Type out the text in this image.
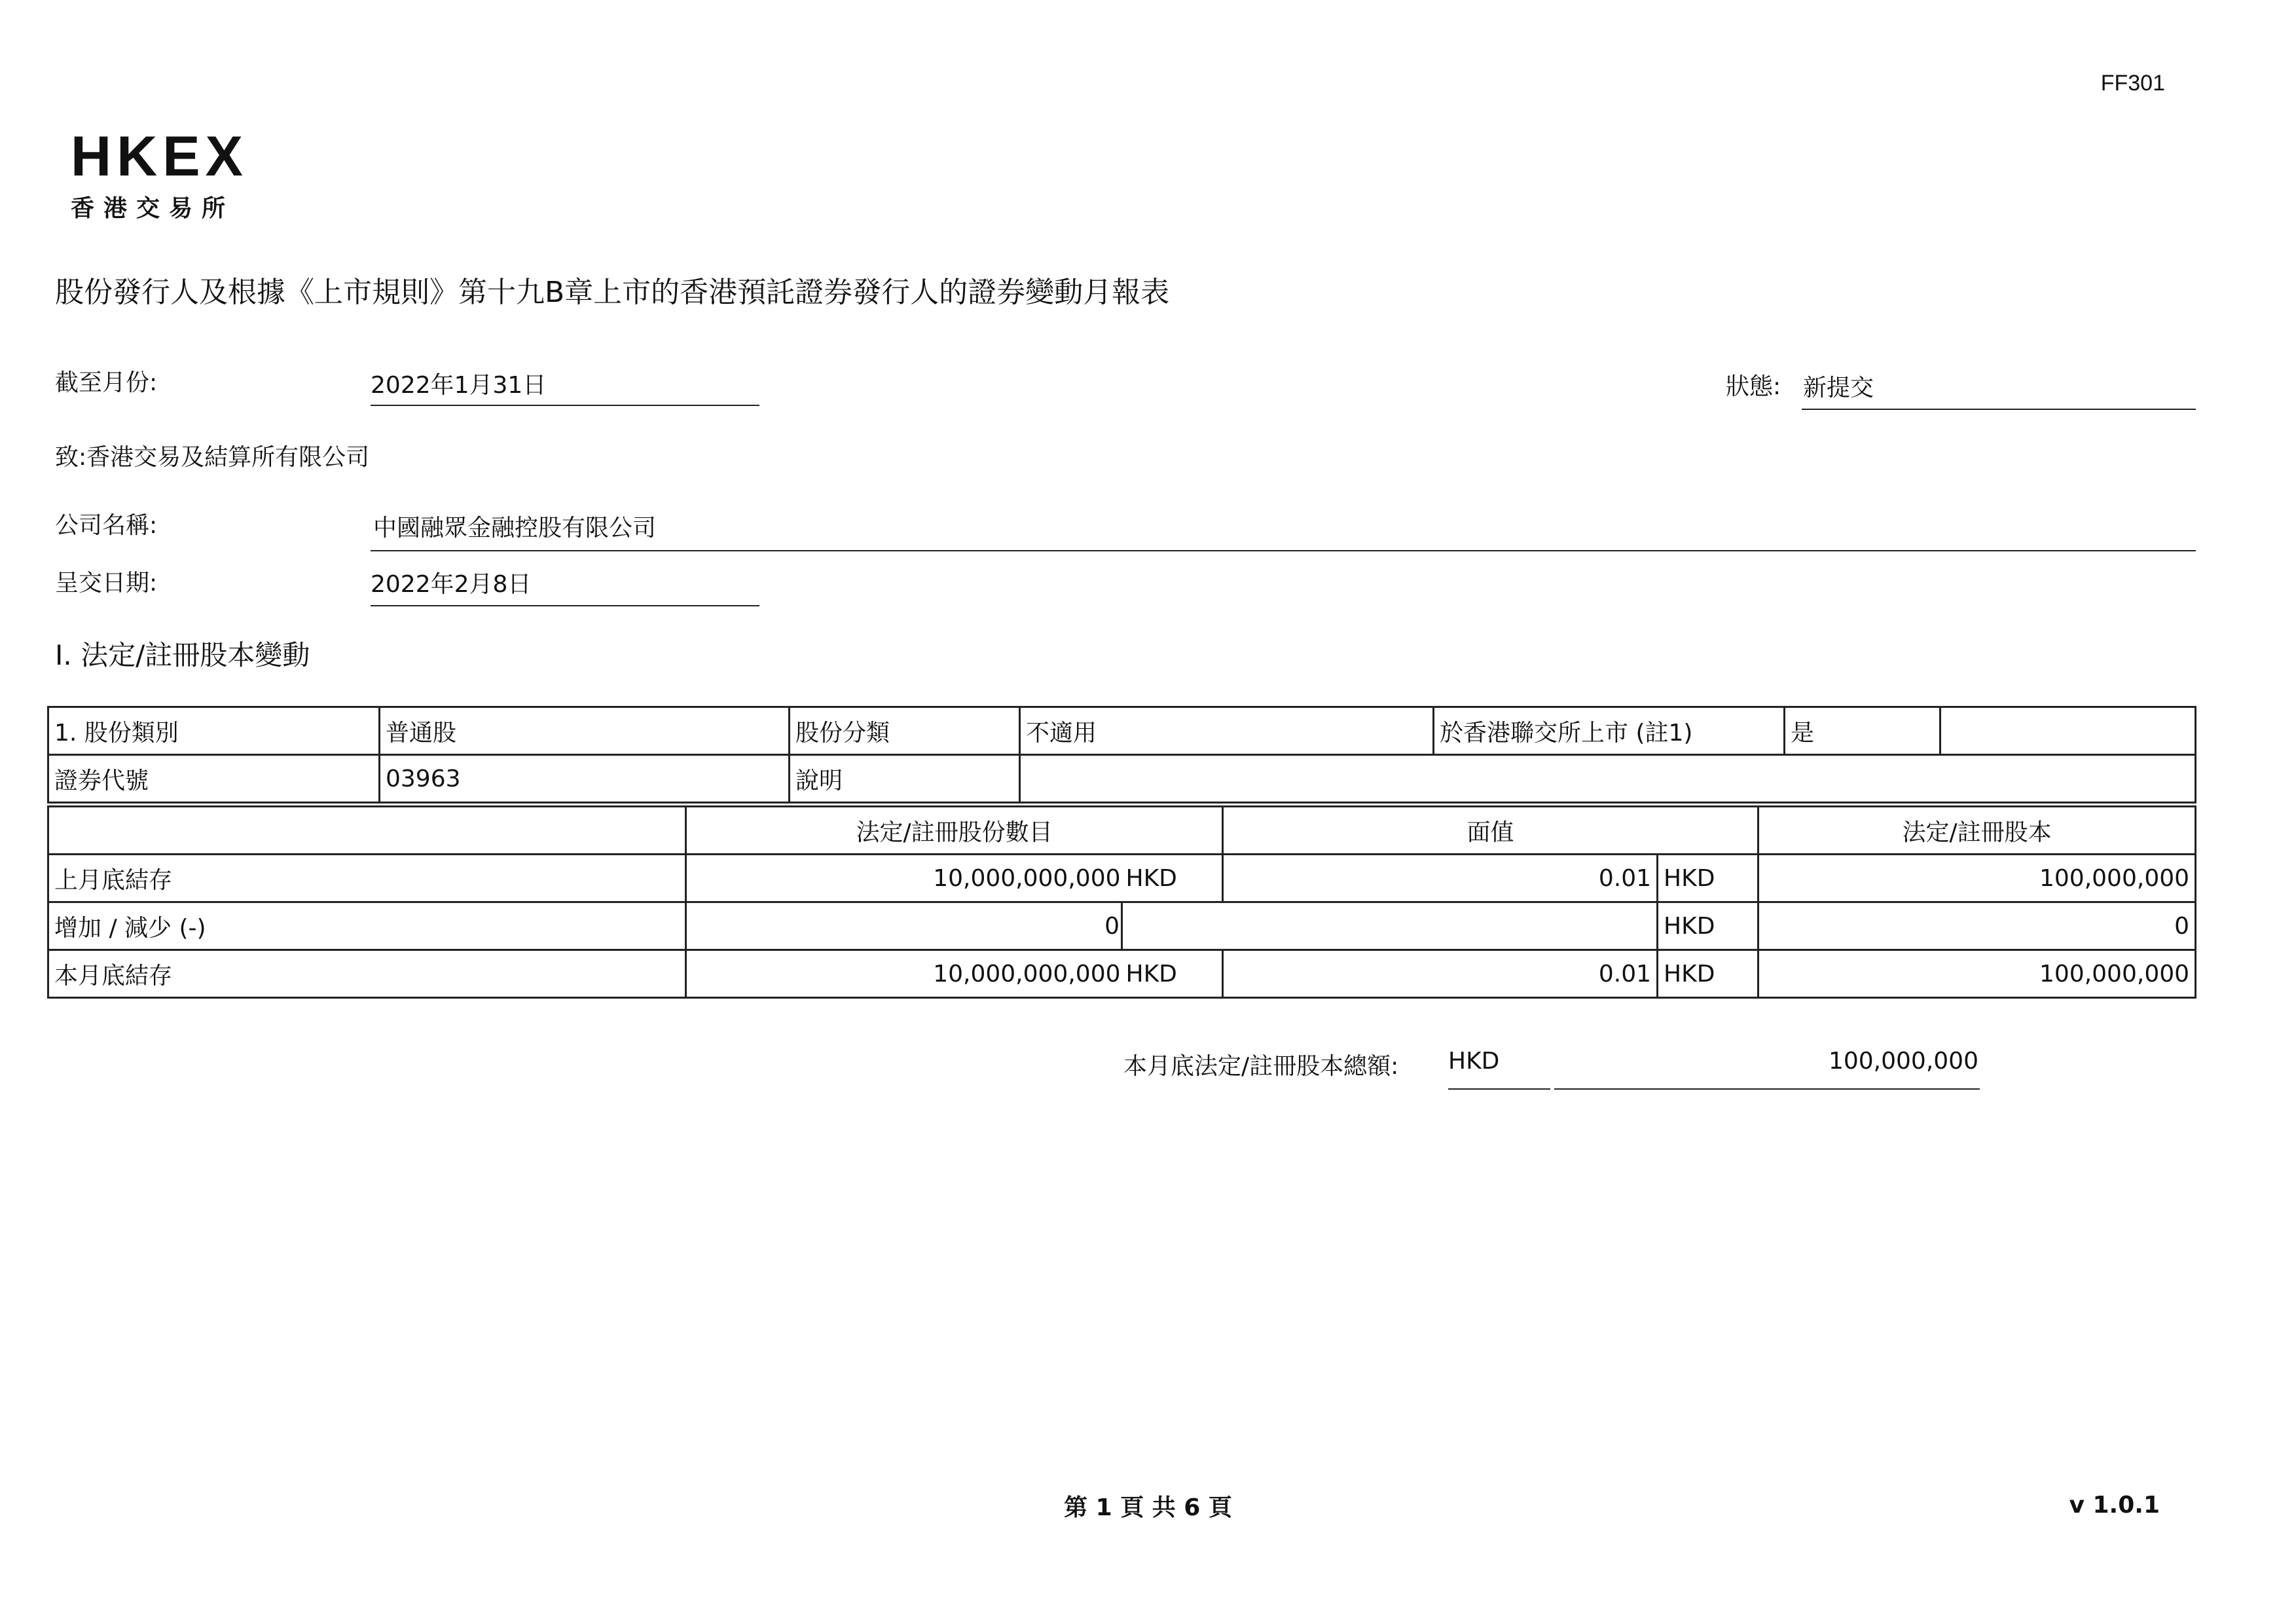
FF301
HKEX
香港交易所
股份發行人及根據《上市規則》第十九B章上市的香港預託證券發行人的證券變動月報表
截至月份:	2022年1月31日	狀態: 新提交
致:香港交易及結算所有限公司
公司名稱:	中國融眾金融控股有限公司
呈交日期:	2022年2月8日
I. 法定/註冊股本變動
1. 股份類別	普通股	股份分類	不適用	於香港聯交所上市 (註1)	是	
證券代號	03963	說明				
	法定/註冊股份數目		面值		法定/註冊股本
上月底結存	10,000,000,000	HKD	0.01	HKD	100,000,000
增加 / 減少 (-)	0			HKD	0
本月底結存	10,000,000,000	HKD	0.01	HKD	100,000,000
本月底法定/註冊股本總額: HKD	100,000,000
第 1 頁 共 6 頁	v 1.0.1
